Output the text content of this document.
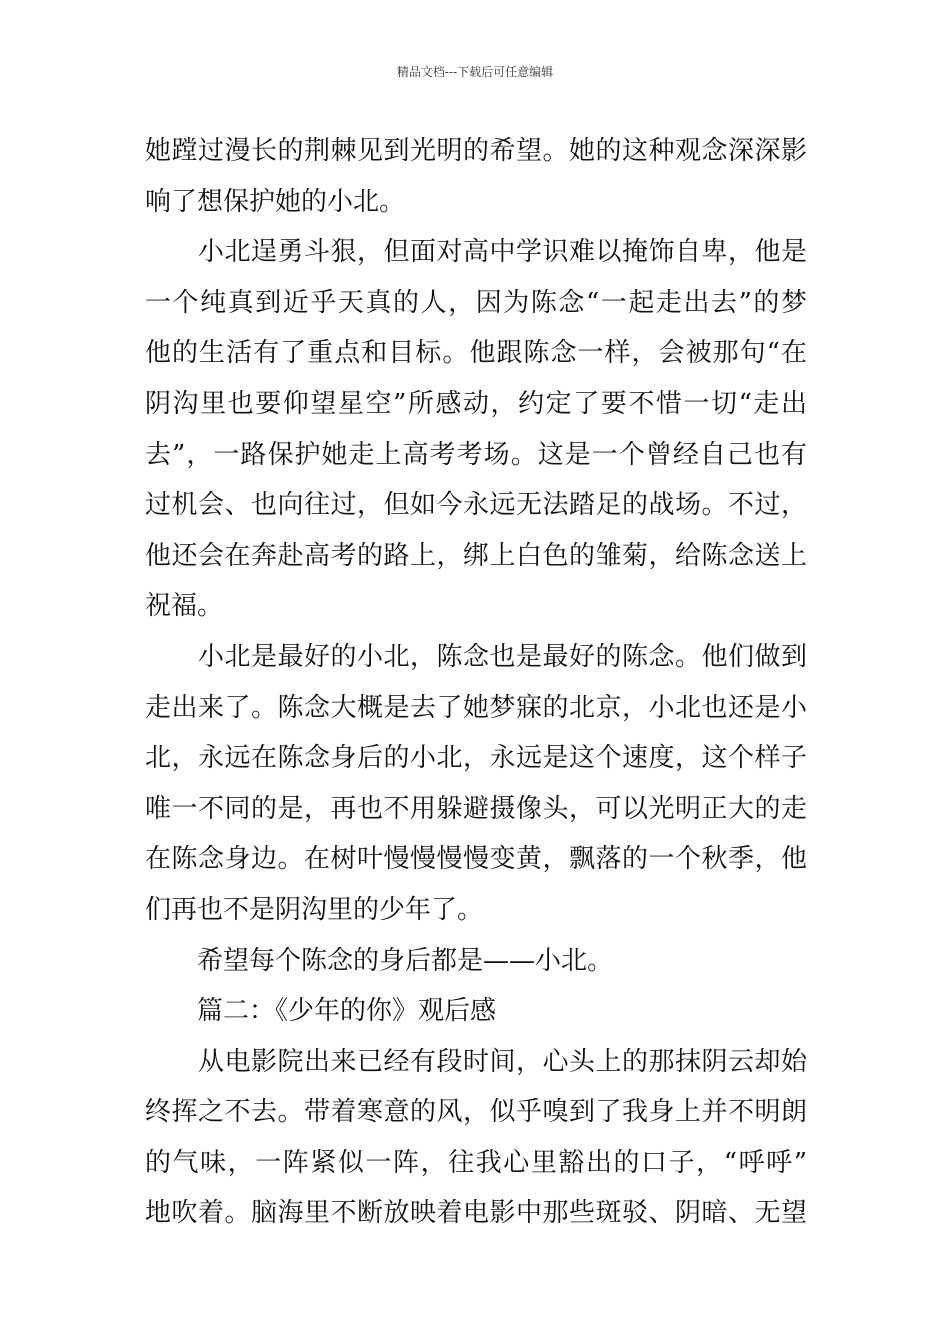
精品文档---下载后可任意编辑
她蹚过漫长的荆棘见到光明的希望。她的这种观念深深影
响了想保护她的小北。
　　小北逞勇斗狠，但面对高中学识难以掩饰自卑，他是
一个纯真到近乎天真的人，因为陈念“一起走出去”的梦
他的生活有了重点和目标。他跟陈念一样，会被那句“在
阴沟里也要仰望星空”所感动，约定了要不惜一切“走出
去”，一路保护她走上高考考场。这是一个曾经自己也有
过机会、也向往过，但如今永远无法踏足的战场。不过，
他还会在奔赴高考的路上，绑上白色的雏菊，给陈念送上
祝福。
　　小北是最好的小北，陈念也是最好的陈念。他们做到
走出来了。陈念大概是去了她梦寐的北京，小北也还是小
北，永远在陈念身后的小北，永远是这个速度，这个样子
唯一不同的是，再也不用躲避摄像头，可以光明正大的走
在陈念身边。在树叶慢慢慢慢变黄，飘落的一个秋季，他
们再也不是阴沟里的少年了。
　　希望每个陈念的身后都是——小北。
　　篇二：《少年的你》观后感
　　从电影院出来已经有段时间，心头上的那抹阴云却始
终挥之不去。带着寒意的风，似乎嗅到了我身上并不明朗
的气味，一阵紧似一阵，往我心里豁出的口子，“呼呼”
地吹着。脑海里不断放映着电影中那些斑驳、阴暗、无望
